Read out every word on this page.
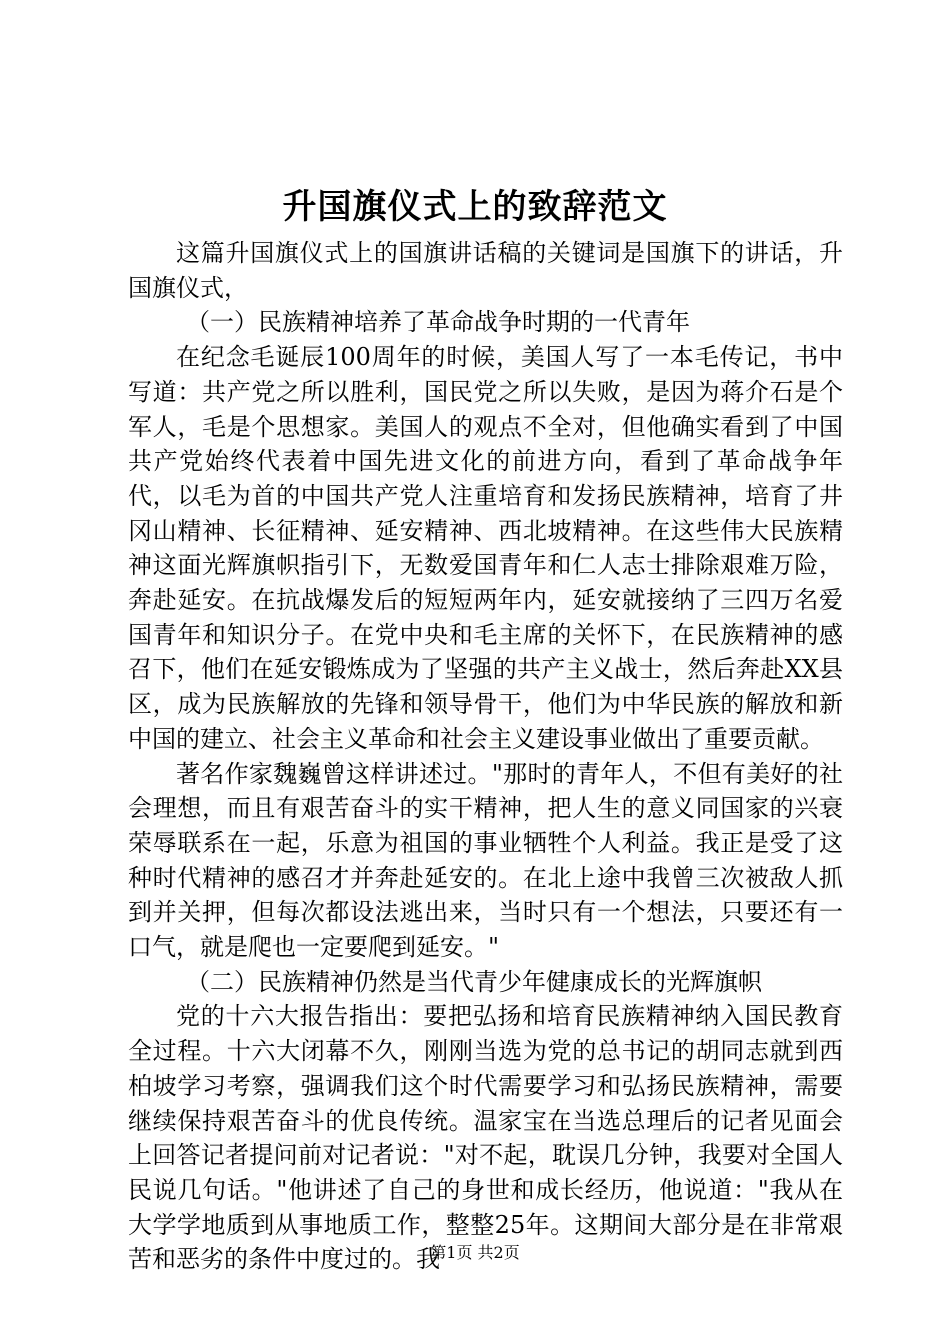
升国旗仪式上的致辞范文

这篇升国旗仪式上的国旗讲话稿的关键词是国旗下的讲话，升国旗仪式，

（一）民族精神培养了革命战争时期的一代青年

在纪念毛诞辰100周年的时候，美国人写了一本毛传记，书中写道：共产党之所以胜利，国民党之所以失败，是因为蒋介石是个军人，毛是个思想家。美国人的观点不全对，但他确实看到了中国共产党始终代表着中国先进文化的前进方向，看到了革命战争年代，以毛为首的中国共产党人注重培育和发扬民族精神，培育了井冈山精神、长征精神、延安精神、西北坡精神。在这些伟大民族精神这面光辉旗帜指引下，无数爱国青年和仁人志士排除艰难万险，奔赴延安。在抗战爆发后的短短两年内，延安就接纳了三四万名爱国青年和知识分子。在党中央和毛主席的关怀下，在民族精神的感召下，他们在延安锻炼成为了坚强的共产主义战士，然后奔赴XX县区，成为民族解放的先锋和领导骨干，他们为中华民族的解放和新中国的建立、社会主义革命和社会主义建设事业做出了重要贡献。

著名作家魏巍曾这样讲述过。"那时的青年人，不但有美好的社会理想，而且有艰苦奋斗的实干精神，把人生的意义同国家的兴衰荣辱联系在一起，乐意为祖国的事业牺牲个人利益。我正是受了这种时代精神的感召才并奔赴延安的。在北上途中我曾三次被敌人抓到并关押，但每次都设法逃出来，当时只有一个想法，只要还有一口气，就是爬也一定要爬到延安。"

（二）民族精神仍然是当代青少年健康成长的光辉旗帜

党的十六大报告指出：要把弘扬和培育民族精神纳入国民教育全过程。十六大闭幕不久，刚刚当选为党的总书记的胡同志就到西柏坡学习考察，强调我们这个时代需要学习和弘扬民族精神，需要继续保持艰苦奋斗的优良传统。温家宝在当选总理后的记者见面会上回答记者提问前对记者说："对不起，耽误几分钟，我要对全国人民说几句话。"他讲述了自己的身世和成长经历，他说道："我从在大学学地质到从事地质工作，整整25年。这期间大部分是在非常艰苦和恶劣的条件中度过的。我

第1页 共2页
